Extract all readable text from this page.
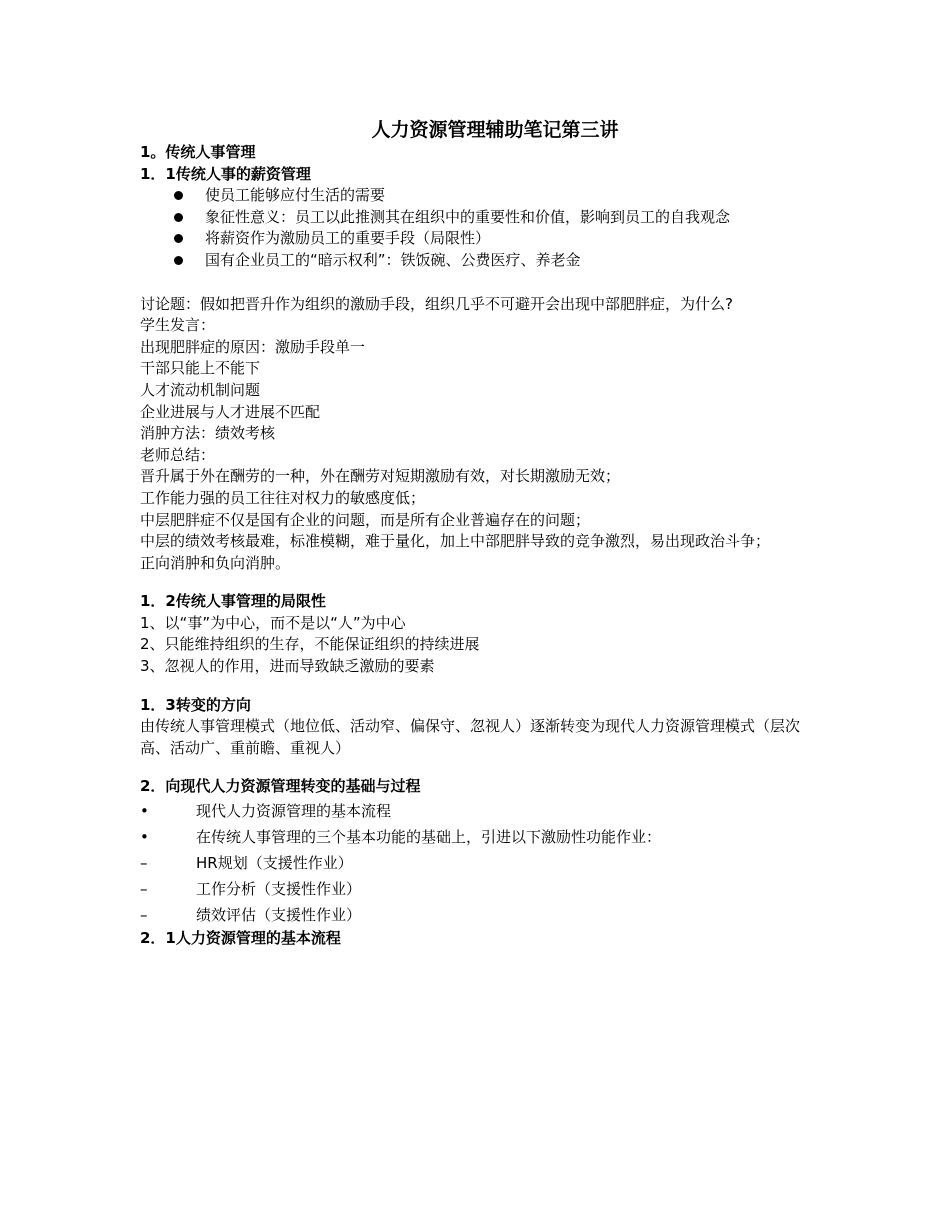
人力资源管理辅助笔记第三讲
1。传统人事管理
1．1传统人事的薪资管理
使员工能够应付生活的需要
象征性意义：员工以此推测其在组织中的重要性和价值，影响到员工的自我观念
将薪资作为激励员工的重要手段（局限性）
国有企业员工的“暗示权利”：铁饭碗、公费医疗、养老金
讨论题：假如把晋升作为组织的激励手段，组织几乎不可避开会出现中部肥胖症，为什么?
学生发言：
出现肥胖症的原因：激励手段单一
干部只能上不能下
人才流动机制问题
企业进展与人才进展不匹配
消肿方法：绩效考核
老师总结：
晋升属于外在酬劳的一种，外在酬劳对短期激励有效，对长期激励无效；
工作能力强的员工往往对权力的敏感度低；
中层肥胖症不仅是国有企业的问题，而是所有企业普遍存在的问题；
中层的绩效考核最难，标准模糊，难于量化，加上中部肥胖导致的竞争激烈，易出现政治斗争；
正向消肿和负向消肿。
1．2传统人事管理的局限性
1、以“事”为中心，而不是以“人”为中心
2、只能维持组织的生存，不能保证组织的持续进展
3、忽视人的作用，进而导致缺乏激励的要素
1．3转变的方向
由传统人事管理模式（地位低、活动窄、偏保守、忽视人）逐渐转变为现代人力资源管理模式（层次高、活动广、重前瞻、重视人）
2．向现代人力资源管理转变的基础与过程
•	现代人力资源管理的基本流程
•	在传统人事管理的三个基本功能的基础上，引进以下激励性功能作业：
–	HR规划（支援性作业）
–	工作分析（支援性作业）
–	绩效评估（支援性作业）
2．1人力资源管理的基本流程
